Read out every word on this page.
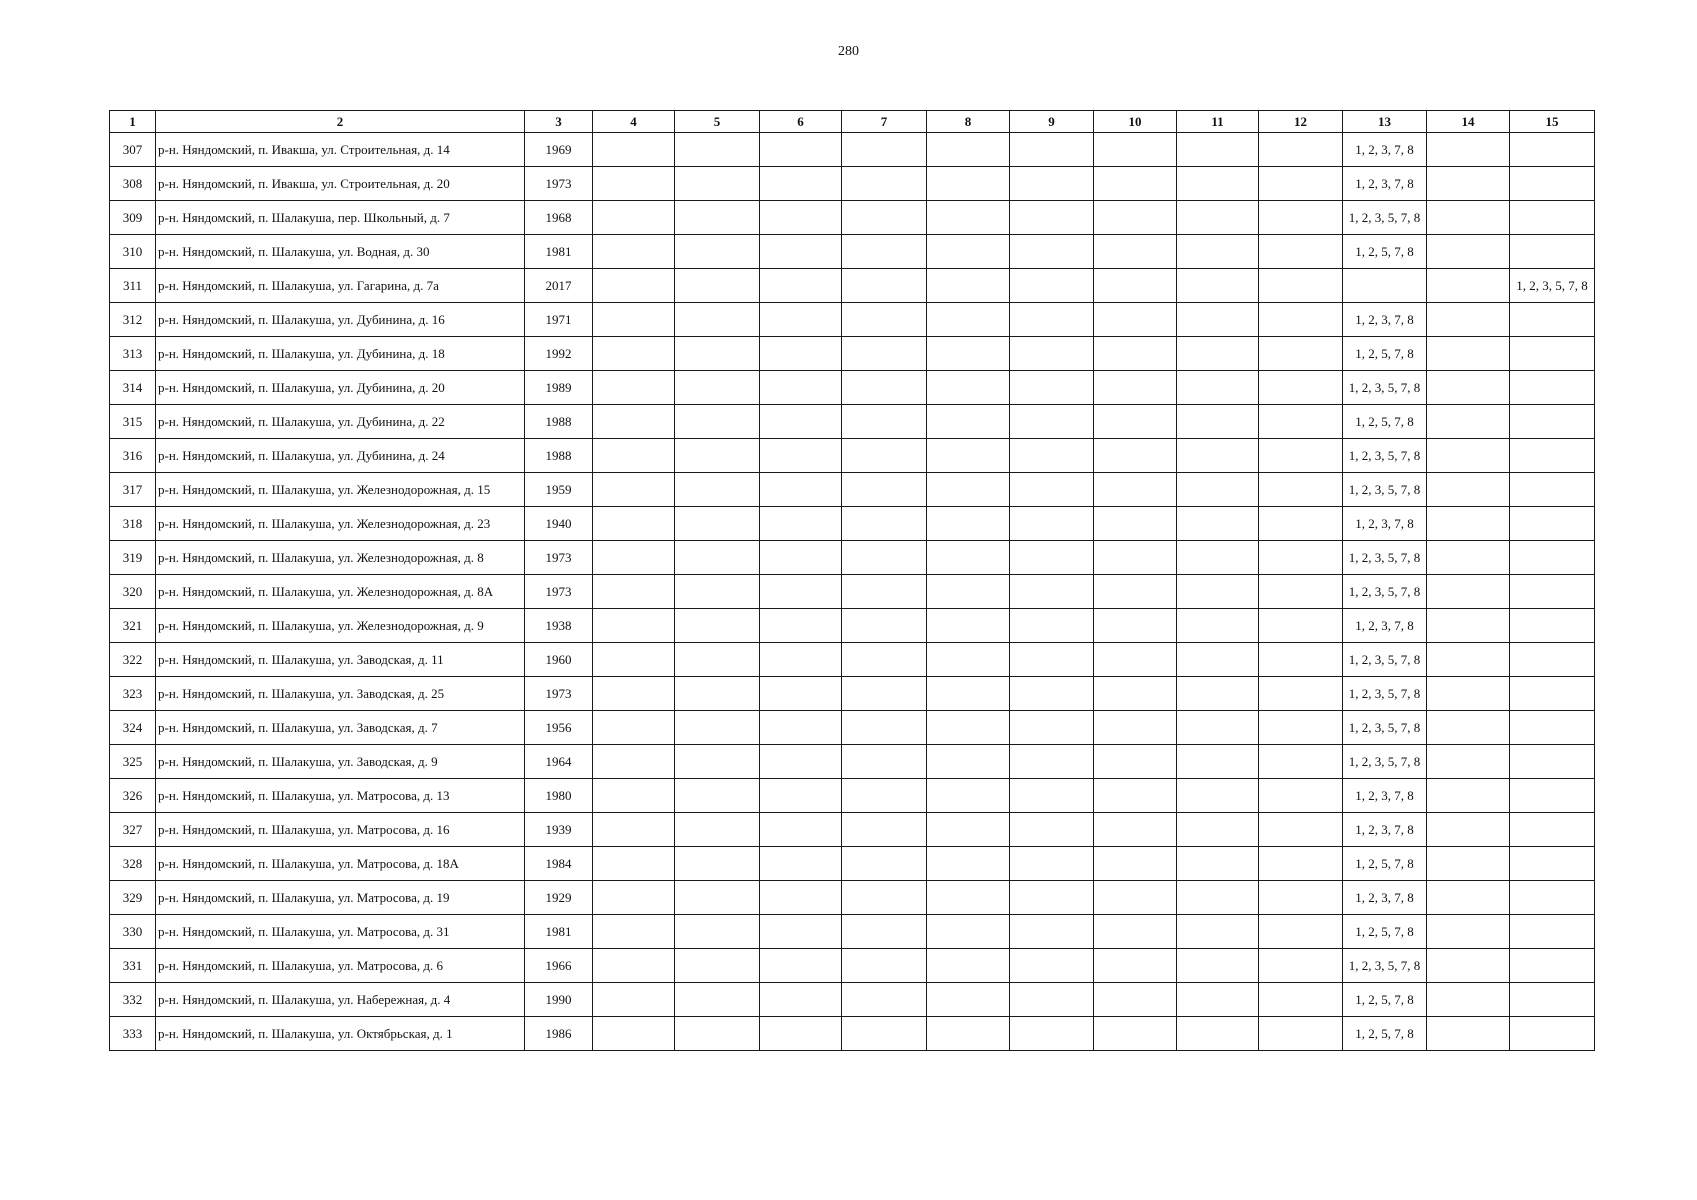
280
1	2	3	4	5	6	7	8	9	10	11	12	13	14	15
307	р-н. Няндомский, п. Ивакша, ул. Строительная, д. 14	1969										1, 2, 3, 7, 8		
308	р-н. Няндомский, п. Ивакша, ул. Строительная, д. 20	1973										1, 2, 3, 7, 8		
309	р-н. Няндомский, п. Шалакуша, пер. Школьный, д. 7	1968										1, 2, 3, 5, 7, 8		
310	р-н. Няндомский, п. Шалакуша, ул. Водная, д. 30	1981										1, 2, 5, 7, 8		
311	р-н. Няндомский, п. Шалакуша, ул. Гагарина, д. 7а	2017												1, 2, 3, 5, 7, 8
312	р-н. Няндомский, п. Шалакуша, ул. Дубинина, д. 16	1971										1, 2, 3, 7, 8		
313	р-н. Няндомский, п. Шалакуша, ул. Дубинина, д. 18	1992										1, 2, 5, 7, 8		
314	р-н. Няндомский, п. Шалакуша, ул. Дубинина, д. 20	1989										1, 2, 3, 5, 7, 8		
315	р-н. Няндомский, п. Шалакуша, ул. Дубинина, д. 22	1988										1, 2, 5, 7, 8		
316	р-н. Няндомский, п. Шалакуша, ул. Дубинина, д. 24	1988										1, 2, 3, 5, 7, 8		
317	р-н. Няндомский, п. Шалакуша, ул. Железнодорожная, д. 15	1959										1, 2, 3, 5, 7, 8		
318	р-н. Няндомский, п. Шалакуша, ул. Железнодорожная, д. 23	1940										1, 2, 3, 7, 8		
319	р-н. Няндомский, п. Шалакуша, ул. Железнодорожная, д. 8	1973										1, 2, 3, 5, 7, 8		
320	р-н. Няндомский, п. Шалакуша, ул. Железнодорожная, д. 8А	1973										1, 2, 3, 5, 7, 8		
321	р-н. Няндомский, п. Шалакуша, ул. Железнодорожная, д. 9	1938										1, 2, 3, 7, 8		
322	р-н. Няндомский, п. Шалакуша, ул. Заводская, д. 11	1960										1, 2, 3, 5, 7, 8		
323	р-н. Няндомский, п. Шалакуша, ул. Заводская, д. 25	1973										1, 2, 3, 5, 7, 8		
324	р-н. Няндомский, п. Шалакуша, ул. Заводская, д. 7	1956										1, 2, 3, 5, 7, 8		
325	р-н. Няндомский, п. Шалакуша, ул. Заводская, д. 9	1964										1, 2, 3, 5, 7, 8		
326	р-н. Няндомский, п. Шалакуша, ул. Матросова, д. 13	1980										1, 2, 3, 7, 8		
327	р-н. Няндомский, п. Шалакуша, ул. Матросова, д. 16	1939										1, 2, 3, 7, 8		
328	р-н. Няндомский, п. Шалакуша, ул. Матросова, д. 18А	1984										1, 2, 5, 7, 8		
329	р-н. Няндомский, п. Шалакуша, ул. Матросова, д. 19	1929										1, 2, 3, 7, 8		
330	р-н. Няндомский, п. Шалакуша, ул. Матросова, д. 31	1981										1, 2, 5, 7, 8		
331	р-н. Няндомский, п. Шалакуша, ул. Матросова, д. 6	1966										1, 2, 3, 5, 7, 8		
332	р-н. Няндомский, п. Шалакуша, ул. Набережная, д. 4	1990										1, 2, 5, 7, 8		
333	р-н. Няндомский, п. Шалакуша, ул. Октябрьская, д. 1	1986										1, 2, 5, 7, 8		
